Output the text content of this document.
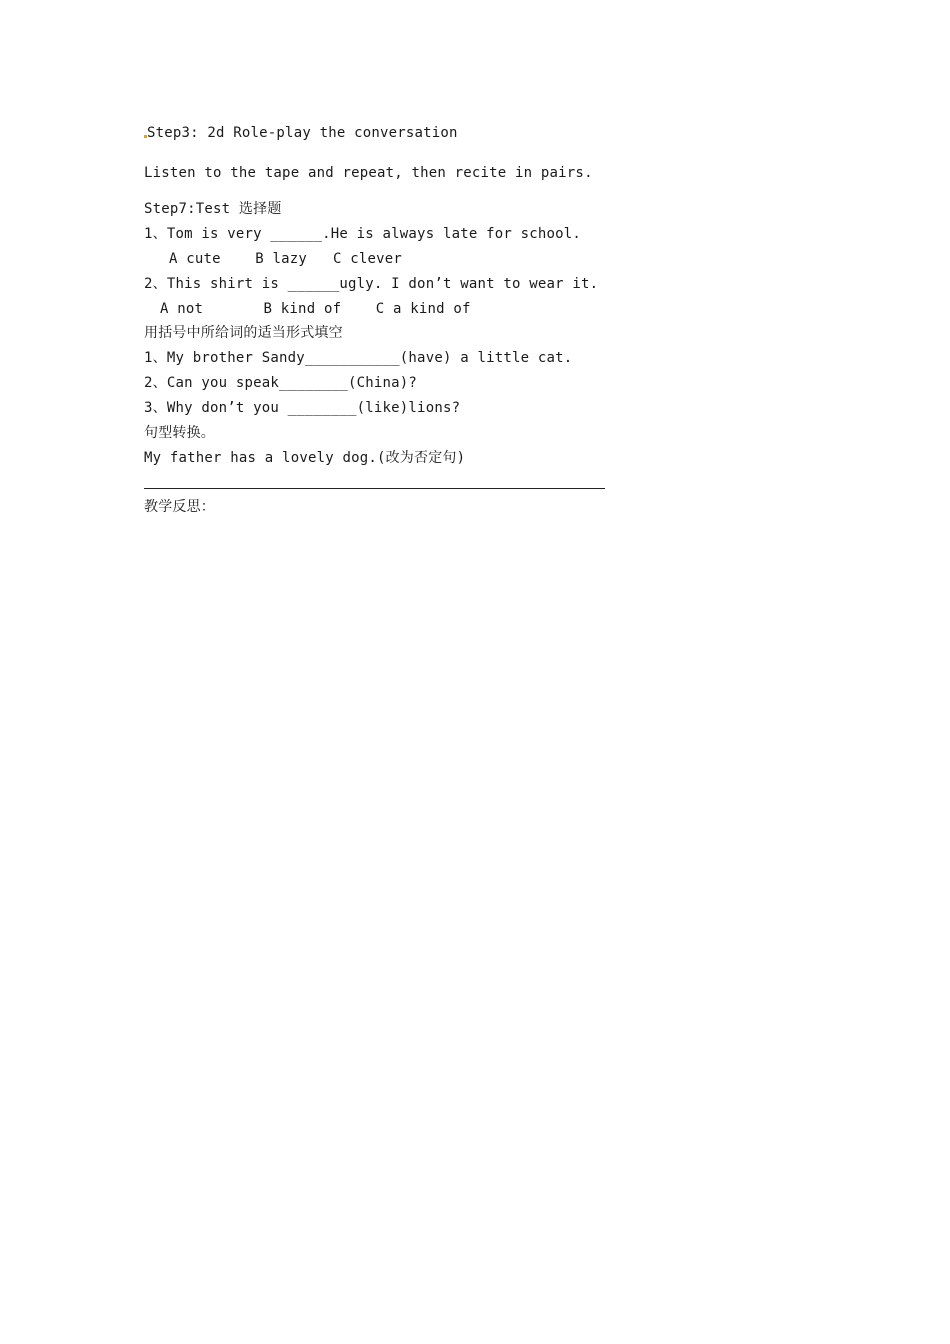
Step3: 2d Role-play the conversation
Listen to the tape and repeat, then recite in pairs.
Step7:Test 选择题
1、Tom is very ______.He is always late for school.
A cute    B lazy   C clever
2、This shirt is ______ugly. I don’t want to wear it.
A not       B kind of    C a kind of
用括号中所给词的适当形式填空
1、My brother Sandy___________(have) a little cat.
2、Can you speak________(China)?
3、Why don’t you ________(like)lions?
句型转换。
My father has a lovely dog.(改为否定句)
教学反思：
